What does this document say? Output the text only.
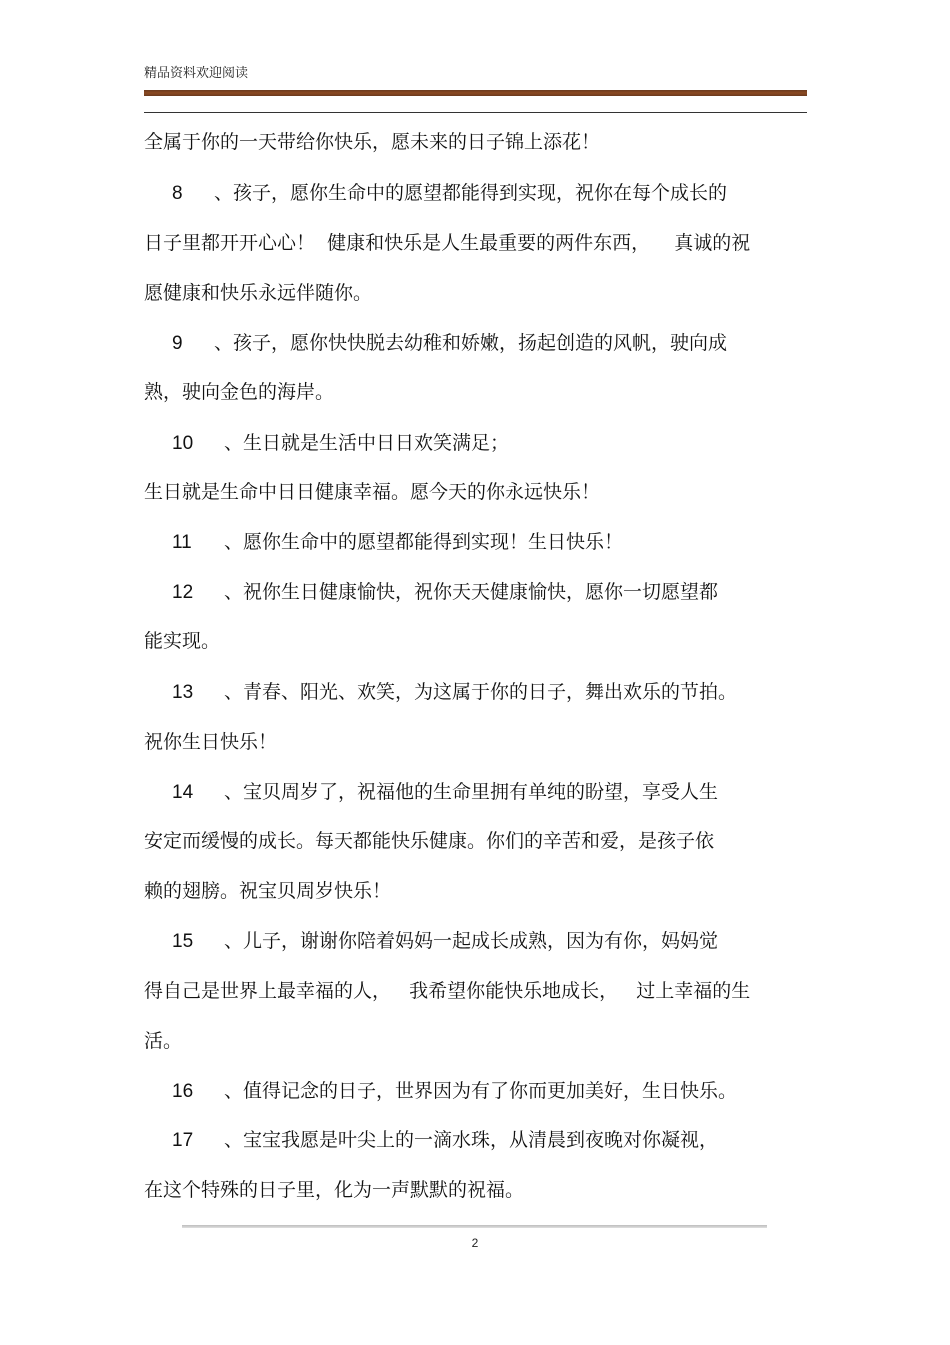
精品资料欢迎阅读
全属于你的一天带给你快乐，愿未来的日子锦上添花！
8 、孩子，愿你生命中的愿望都能得到实现，祝你在每个成长的
日子里都开开心心！  健康和快乐是人生最重要的两件东西，    真诚的祝
愿健康和快乐永远伴随你。
9 、孩子，愿你快快脱去幼稚和娇嫩，扬起创造的风帆，驶向成
熟，驶向金色的海岸。
10 、生日就是生活中日日欢笑满足；
生日就是生命中日日健康幸福。愿今天的你永远快乐！
11 、愿你生命中的愿望都能得到实现！生日快乐！
12 、祝你生日健康愉快，祝你天天健康愉快，愿你一切愿望都
能实现。
13 、青春、阳光、欢笑，为这属于你的日子，舞出欢乐的节拍。
祝你生日快乐！
14 、宝贝周岁了，祝福他的生命里拥有单纯的盼望，享受人生
安定而缓慢的成长。每天都能快乐健康。你们的辛苦和爱，是孩子依
赖的翅膀。祝宝贝周岁快乐！
15 、儿子，谢谢你陪着妈妈一起成长成熟，因为有你，妈妈觉
得自己是世界上最幸福的人，   我希望你能快乐地成长，   过上幸福的生
活。
16 、值得记念的日子，世界因为有了你而更加美好，生日快乐。
17 、宝宝我愿是叶尖上的一滴水珠，从清晨到夜晚对你凝视，
在这个特殊的日子里，化为一声默默的祝福。
2
